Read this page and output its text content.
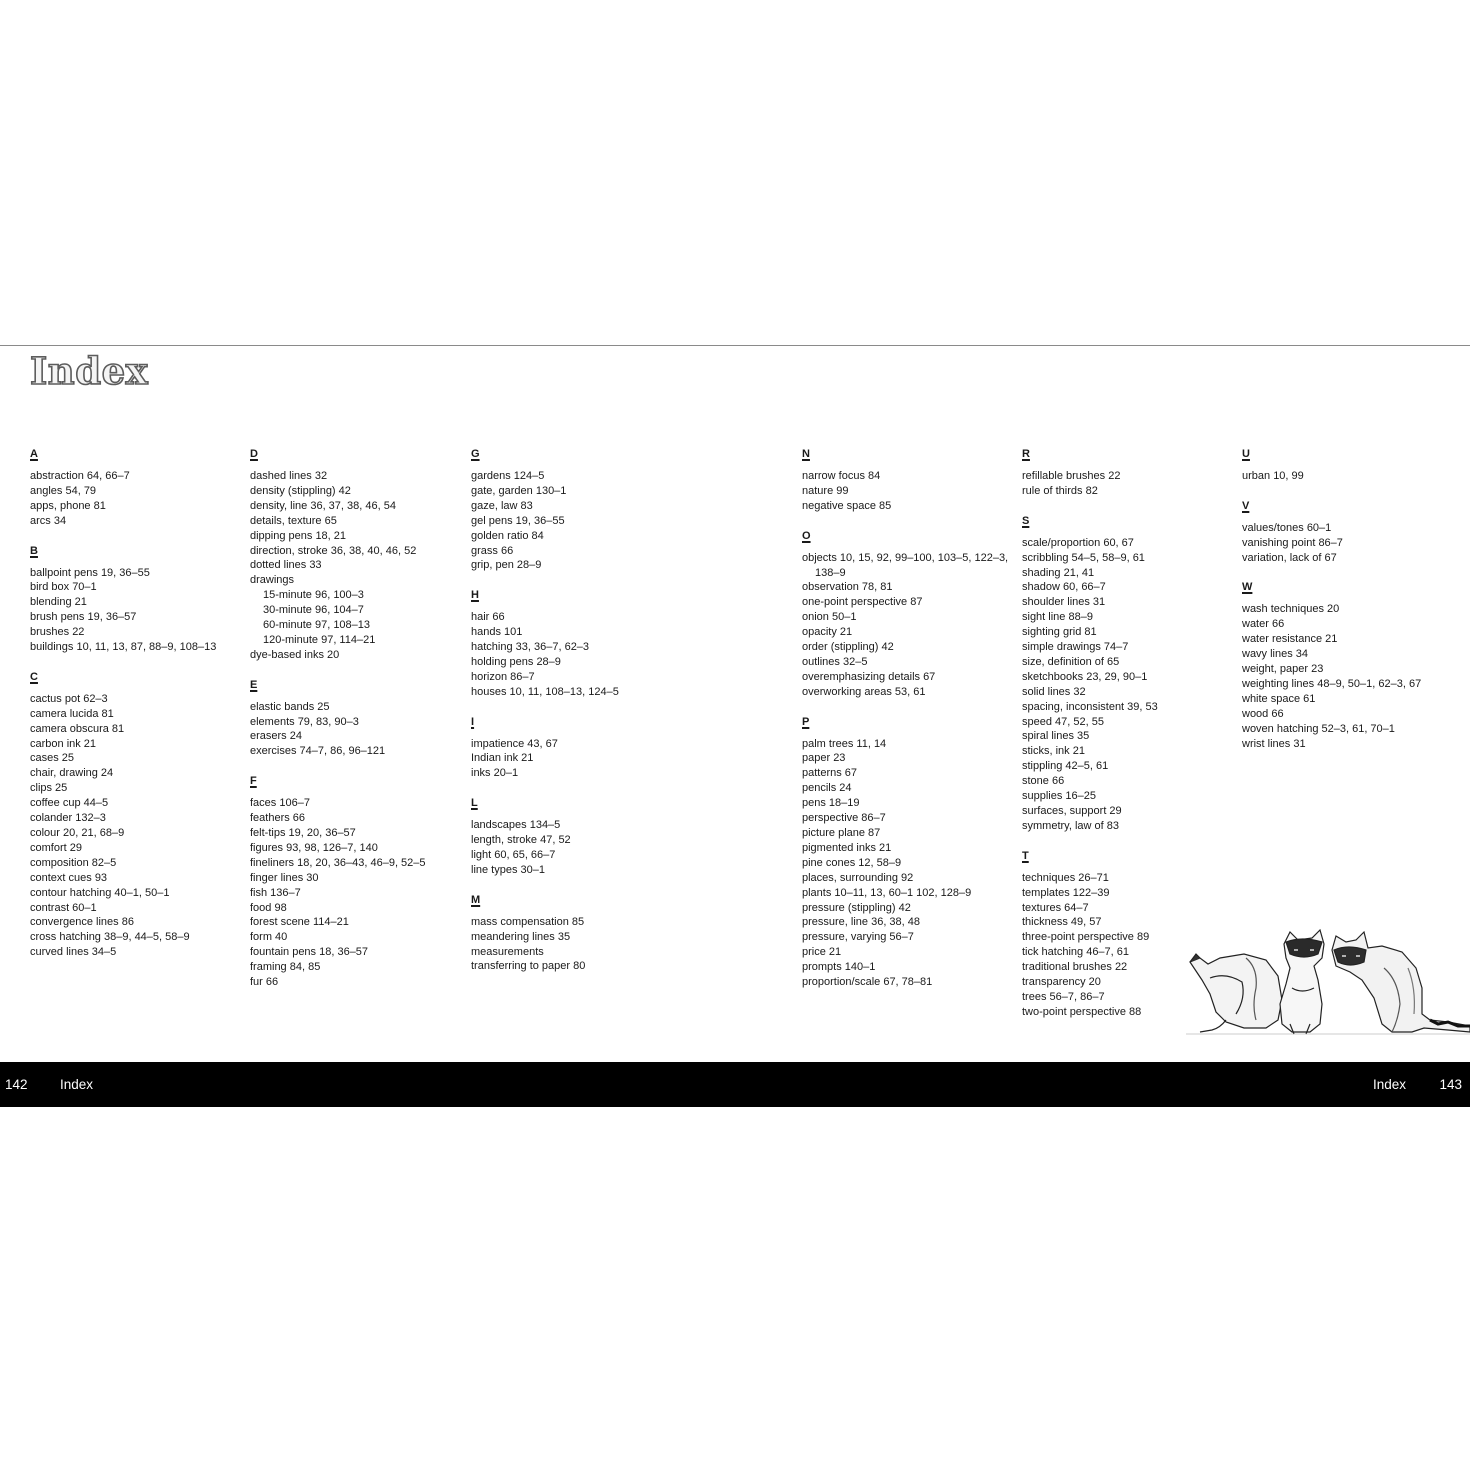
Index
A
abstraction 64, 66–7
angles 54, 79
apps, phone 81
arcs 34
B
ballpoint pens 19, 36–55
bird box 70–1
blending 21
brush pens 19, 36–57
brushes 22
buildings 10, 11, 13, 87, 88–9, 108–13
C
cactus pot 62–3
camera lucida 81
camera obscura 81
carbon ink 21
cases 25
chair, drawing 24
clips 25
coffee cup 44–5
colander 132–3
colour 20, 21, 68–9
comfort 29
composition 82–5
context cues 93
contour hatching 40–1, 50–1
contrast 60–1
convergence lines 86
cross hatching 38–9, 44–5, 58–9
curved lines 34–5
D
dashed lines 32
density (stippling) 42
density, line 36, 37, 38, 46, 54
details, texture 65
dipping pens 18, 21
direction, stroke 36, 38, 40, 46, 52
dotted lines 33
drawings
15-minute 96, 100–3
30-minute 96, 104–7
60-minute 97, 108–13
120-minute 97, 114–21
dye-based inks 20
E
elastic bands 25
elements 79, 83, 90–3
erasers 24
exercises 74–7, 86, 96–121
F
faces 106–7
feathers 66
felt-tips 19, 20, 36–57
figures 93, 98, 126–7, 140
fineliners 18, 20, 36–43, 46–9, 52–5
finger lines 30
fish 136–7
food 98
forest scene 114–21
form 40
fountain pens 18, 36–57
framing 84, 85
fur 66
G
gardens 124–5
gate, garden 130–1
gaze, law 83
gel pens 19, 36–55
golden ratio 84
grass 66
grip, pen 28–9
H
hair 66
hands 101
hatching 33, 36–7, 62–3
holding pens 28–9
horizon 86–7
houses 10, 11, 108–13, 124–5
I
impatience 43, 67
Indian ink 21
inks 20–1
L
landscapes 134–5
length, stroke 47, 52
light 60, 65, 66–7
line types 30–1
M
mass compensation 85
meandering lines 35
measurements
transferring to paper 80
N
narrow focus 84
nature 99
negative space 85
O
objects 10, 15, 92, 99–100, 103–5, 122–3, 138–9
observation 78, 81
one-point perspective 87
onion 50–1
opacity 21
order (stippling) 42
outlines 32–5
overemphasizing details 67
overworking areas 53, 61
P
palm trees 11, 14
paper 23
patterns 67
pencils 24
pens 18–19
perspective 86–7
picture plane 87
pigmented inks 21
pine cones 12, 58–9
places, surrounding 92
plants 10–11, 13, 60–1 102, 128–9
pressure (stippling) 42
pressure, line 36, 38, 48
pressure, varying 56–7
price 21
prompts 140–1
proportion/scale 67, 78–81
R
refillable brushes 22
rule of thirds 82
S
scale/proportion 60, 67
scribbling 54–5, 58–9, 61
shading 21, 41
shadow 60, 66–7
shoulder lines 31
sight line 88–9
sighting grid 81
simple drawings 74–7
size, definition of 65
sketchbooks 23, 29, 90–1
solid lines 32
spacing, inconsistent 39, 53
speed 47, 52, 55
spiral lines 35
sticks, ink 21
stippling 42–5, 61
stone 66
supplies 16–25
surfaces, support 29
symmetry, law of 83
T
techniques 26–71
templates 122–39
textures 64–7
thickness 49, 57
three-point perspective 89
tick hatching 46–7, 61
traditional brushes 22
transparency 20
trees 56–7, 86–7
two-point perspective 88
U
urban 10, 99
V
values/tones 60–1
vanishing point 86–7
variation, lack of 67
W
wash techniques 20
water 66
water resistance 21
wavy lines 34
weight, paper 23
weighting lines 48–9, 50–1, 62–3, 67
white space 61
wood 66
woven hatching 52–3, 61, 70–1
wrist lines 31
142 Index	Index 143
